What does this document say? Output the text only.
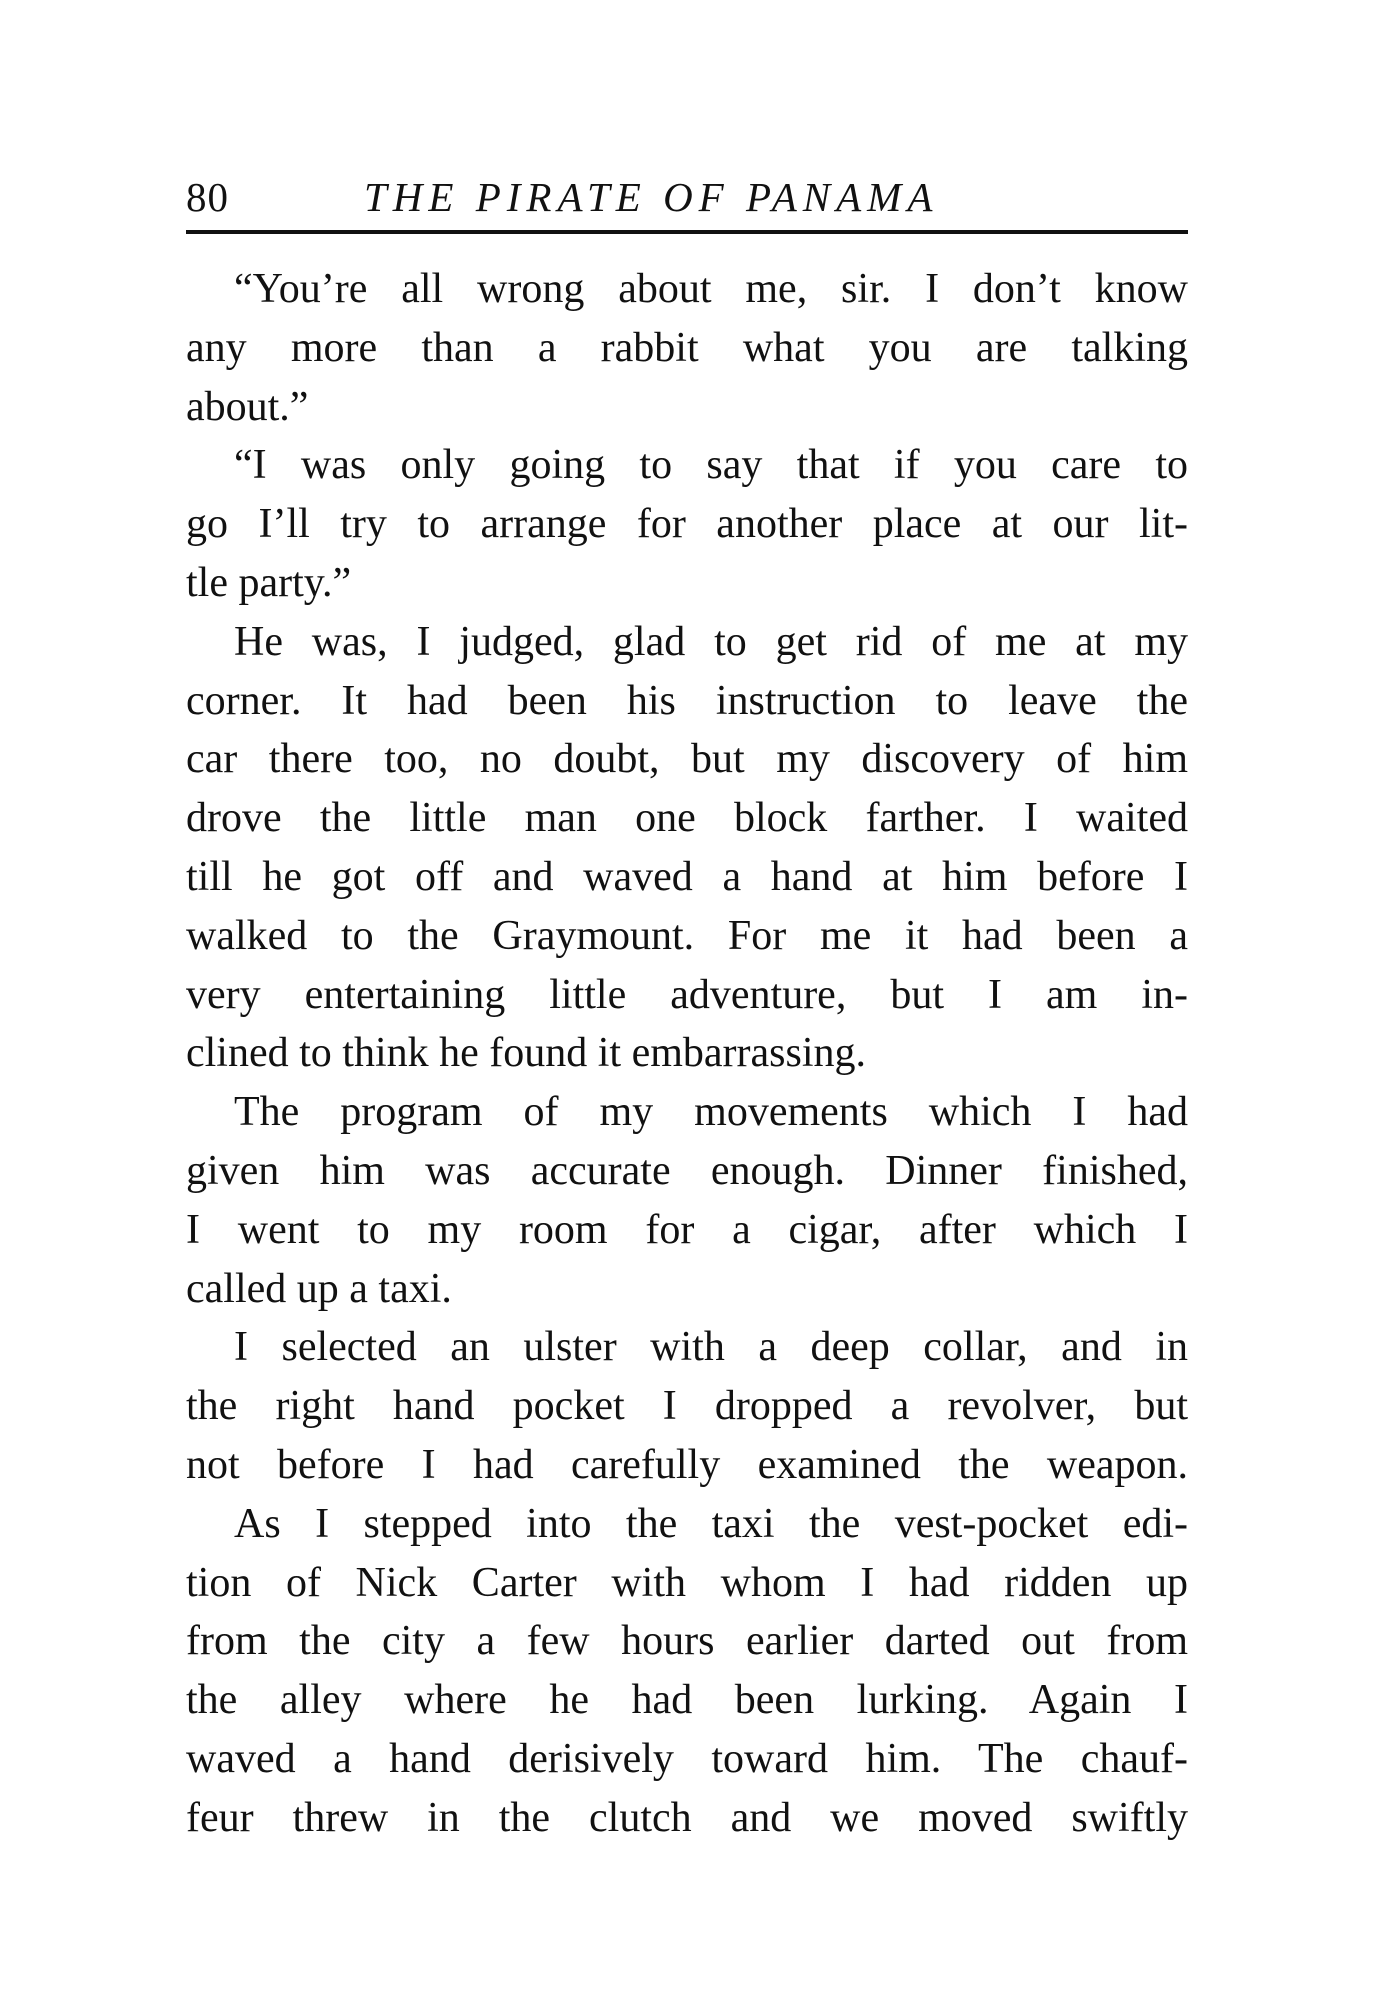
80	THE PIRATE OF PANAMA
“You’re all wrong about me, sir. I don’t know
any more than a rabbit what you are talking
about.”
“I was only going to say that if you care to
go I’ll try to arrange for another place at our lit-
tle party.”
He was, I judged, glad to get rid of me at my
corner. It had been his instruction to leave the
car there too, no doubt, but my discovery of him
drove the little man one block farther. I waited
till he got off and waved a hand at him before I
walked to the Graymount. For me it had been a
very entertaining little adventure, but I am in-
clined to think he found it embarrassing.
The program of my movements which I had
given him was accurate enough. Dinner finished,
I went to my room for a cigar, after which I
called up a taxi.
I selected an ulster with a deep collar, and in
the right hand pocket I dropped a revolver, but
not before I had carefully examined the weapon.
As I stepped into the taxi the vest-pocket edi-
tion of Nick Carter with whom I had ridden up
from the city a few hours earlier darted out from
the alley where he had been lurking. Again I
waved a hand derisively toward him. The chauf-
feur threw in the clutch and we moved swiftly
